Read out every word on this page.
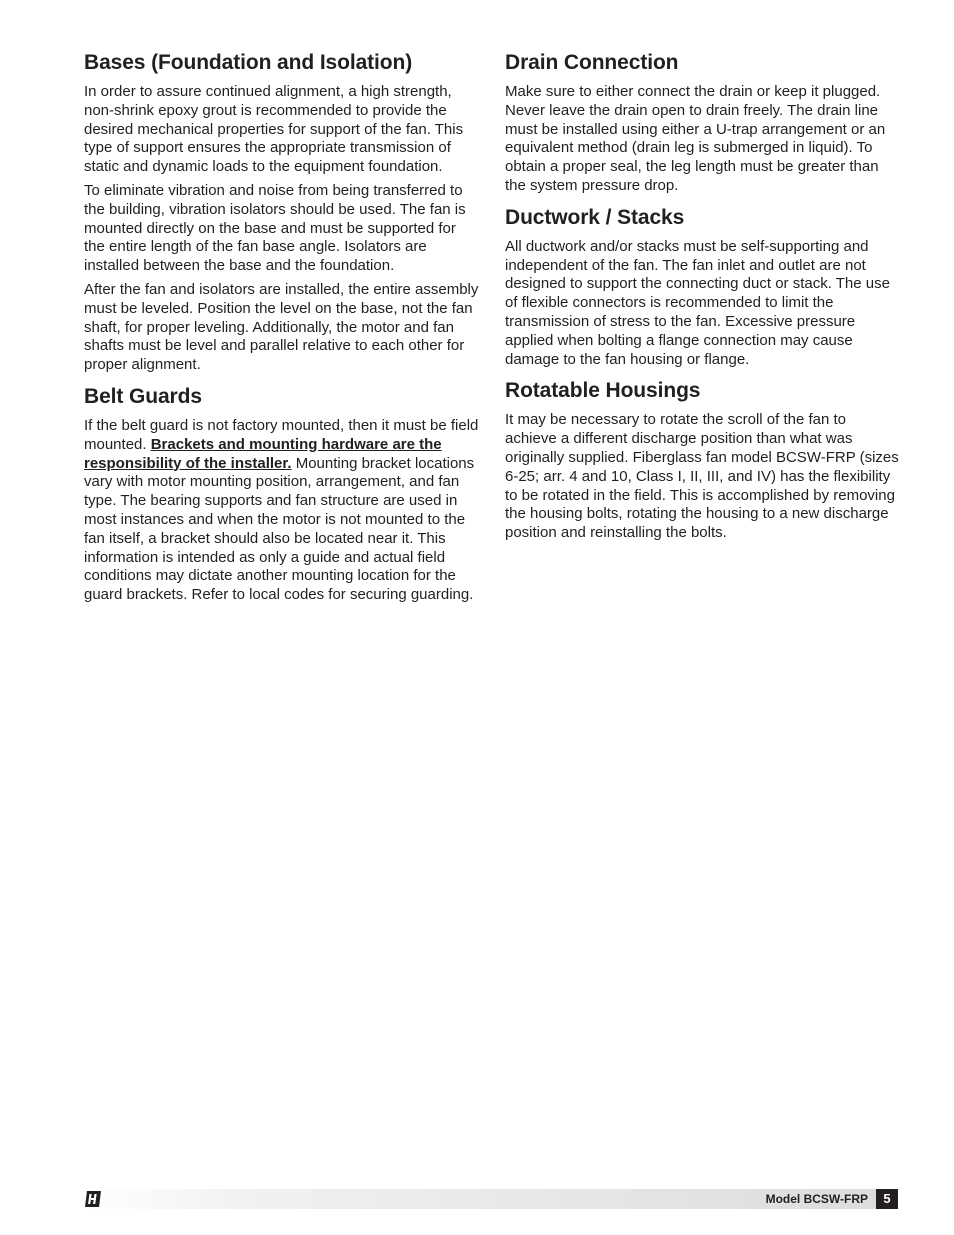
Bases (Foundation and Isolation)

In order to assure continued alignment, a high strength, non-shrink epoxy grout is recommended to provide the desired mechanical properties for support of the fan. This type of support ensures the appropriate transmission of static and dynamic loads to the equipment foundation.

To eliminate vibration and noise from being transferred to the building, vibration isolators should be used. The fan is mounted directly on the base and must be supported for the entire length of the fan base angle. Isolators are installed between the base and the foundation.

After the fan and isolators are installed, the entire assembly must be leveled. Position the level on the base, not the fan shaft, for proper leveling. Additionally, the motor and fan shafts must be level and parallel relative to each other for proper alignment.

Belt Guards

If the belt guard is not factory mounted, then it must be field mounted. Brackets and mounting hardware are the responsibility of the installer. Mounting bracket locations vary with motor mounting position, arrangement, and fan type. The bearing supports and fan structure are used in most instances and when the motor is not mounted to the fan itself, a bracket should also be located near it. This information is intended as only a guide and actual field conditions may dictate another mounting location for the guard brackets. Refer to local codes for securing guarding.

Drain Connection

Make sure to either connect the drain or keep it plugged. Never leave the drain open to drain freely. The drain line must be installed using either a U-trap arrangement or an equivalent method (drain leg is submerged in liquid). To obtain a proper seal, the leg length must be greater than the system pressure drop.

Ductwork / Stacks

All ductwork and/or stacks must be self-supporting and independent of the fan. The fan inlet and outlet are not designed to support the connecting duct or stack. The use of flexible connectors is recommended to limit the transmission of stress to the fan. Excessive pressure applied when bolting a flange connection may cause damage to the fan housing or flange.

Rotatable Housings

It may be necessary to rotate the scroll of the fan to achieve a different discharge position than what was originally supplied. Fiberglass fan model BCSW-FRP (sizes 6-25; arr. 4 and 10, Class I, II, III, and IV) has the flexibility to be rotated in the field. This is accomplished by removing the housing bolts, rotating the housing to a new discharge position and reinstalling the bolts.

Model BCSW-FRP	5
